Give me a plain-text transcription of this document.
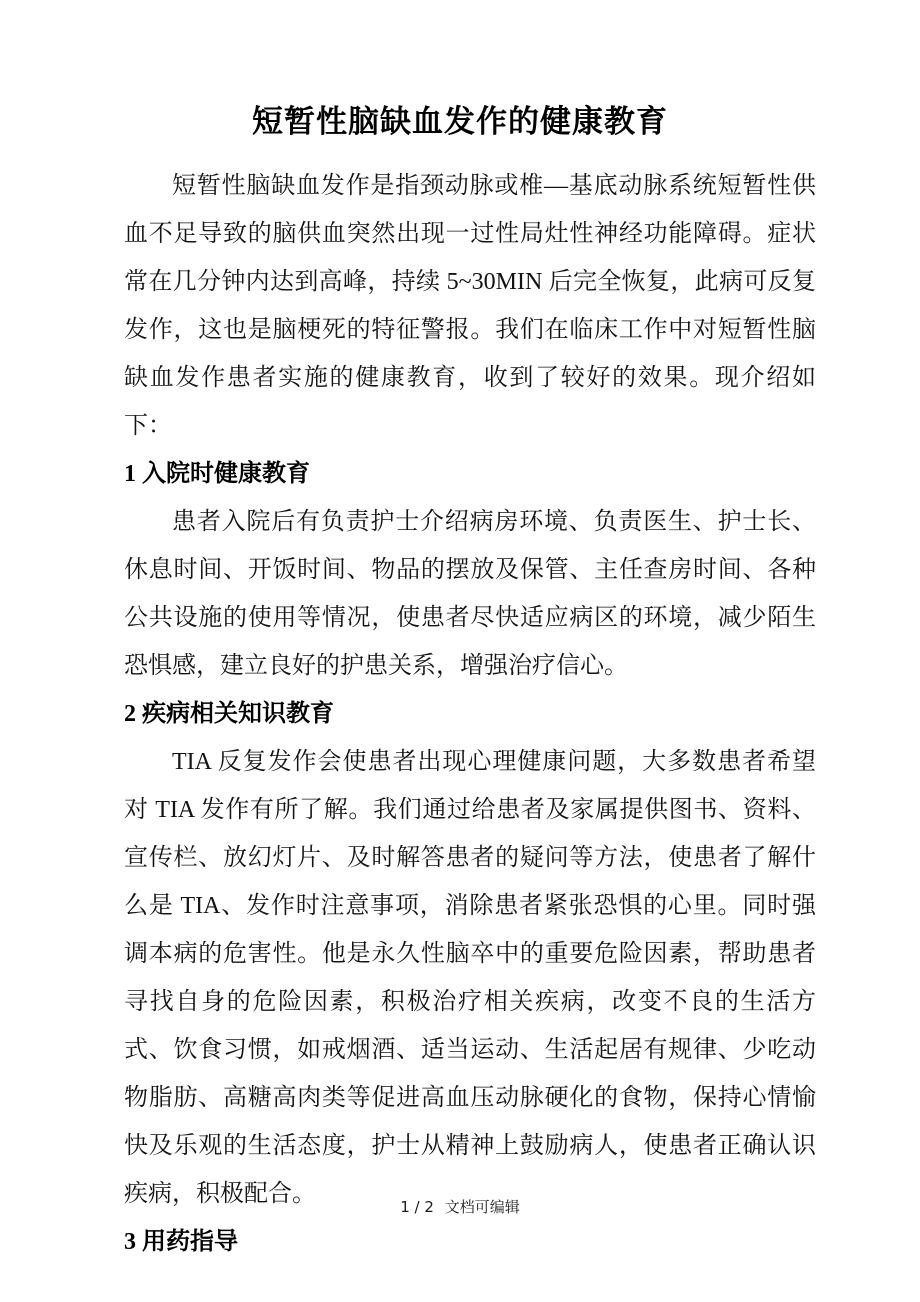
短暂性脑缺血发作的健康教育

短暂性脑缺血发作是指颈动脉或椎—基底动脉系统短暂性供血不足导致的脑供血突然出现一过性局灶性神经功能障碍。症状常在几分钟内达到高峰，持续 5~30MIN 后完全恢复，此病可反复发作，这也是脑梗死的特征警报。我们在临床工作中对短暂性脑缺血发作患者实施的健康教育，收到了较好的效果。现介绍如下：

1 入院时健康教育

患者入院后有负责护士介绍病房环境、负责医生、护士长、休息时间、开饭时间、物品的摆放及保管、主任查房时间、各种公共设施的使用等情况，使患者尽快适应病区的环境，减少陌生恐惧感，建立良好的护患关系，增强治疗信心。

2 疾病相关知识教育

TIA 反复发作会使患者出现心理健康问题，大多数患者希望对 TIA 发作有所了解。我们通过给患者及家属提供图书、资料、宣传栏、放幻灯片、及时解答患者的疑问等方法，使患者了解什么是 TIA、发作时注意事项，消除患者紧张恐惧的心里。同时强调本病的危害性。他是永久性脑卒中的重要危险因素，帮助患者寻找自身的危险因素，积极治疗相关疾病，改变不良的生活方式、饮食习惯，如戒烟酒、适当运动、生活起居有规律、少吃动物脂肪、高糖高肉类等促进高血压动脉硬化的食物，保持心情愉快及乐观的生活态度，护士从精神上鼓励病人，使患者正确认识疾病，积极配合。

3 用药指导

1 / 2 文档可编辑
